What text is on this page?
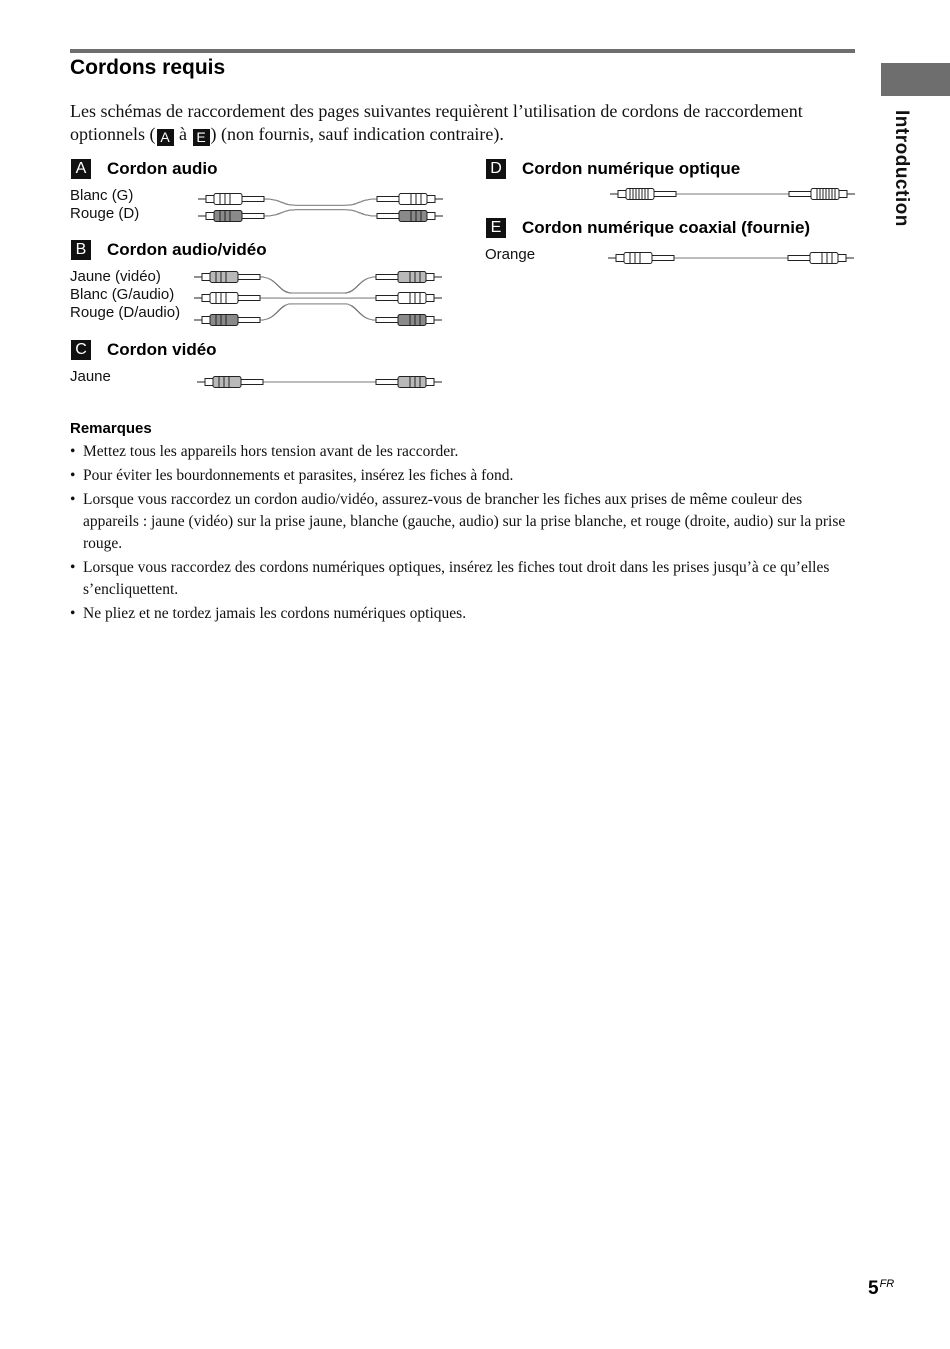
Introduction
Cordons requis

Les schémas de raccordement des pages suivantes requièrent l’utilisation de cordons de raccordement optionnels ( A à E ) (non fournis, sauf indication contraire).

A Cordon audio
Blanc (G)
Rouge (D)
B Cordon audio/vidéo
Jaune (vidéo)
Blanc (G/audio)
Rouge (D/audio)
C Cordon vidéo
Jaune
D Cordon numérique optique
E Cordon numérique coaxial (fournie)
Orange
Remarques
• Mettez tous les appareils hors tension avant de les raccorder.
• Pour éviter les bourdonnements et parasites, insérez les fiches à fond.
• Lorsque vous raccordez un cordon audio/vidéo, assurez-vous de brancher les fiches aux prises de même couleur des appareils : jaune (vidéo) sur la prise jaune, blanche (gauche, audio) sur la prise blanche, et rouge (droite, audio) sur la prise rouge.
• Lorsque vous raccordez des cordons numériques optiques, insérez les fiches tout droit dans les prises jusqu’à ce qu’elles s’encliquettent.
• Ne pliez et ne tordez jamais les cordons numériques optiques.
$5^{FR}$
